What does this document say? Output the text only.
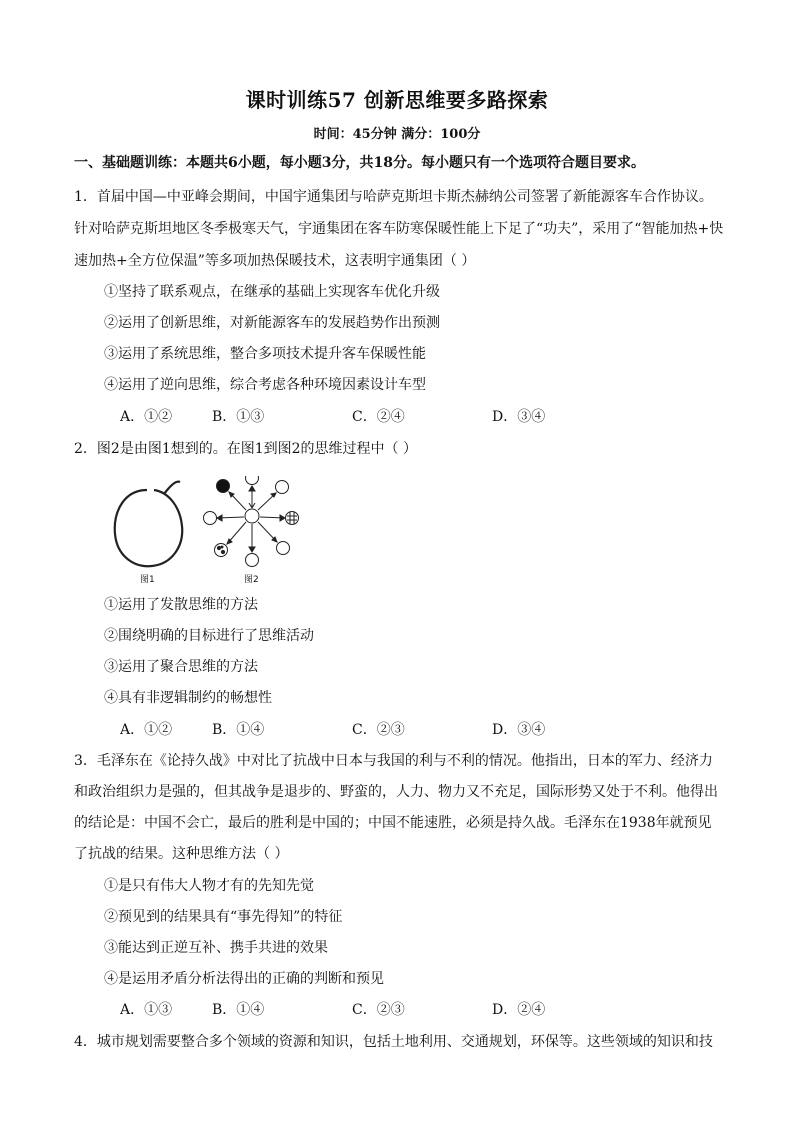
课时训练57 创新思维要多路探索
时间：45分钟 满分：100分
一、基础题训练：本题共6小题，每小题3分，共18分。每小题只有一个选项符合题目要求。
1．首届中国—中亚峰会期间，中国宇通集团与哈萨克斯坦卡斯杰赫纳公司签署了新能源客车合作协议。
针对哈萨克斯坦地区冬季极寒天气，宇通集团在客车防寒保暖性能上下足了“功夫”，采用了“智能加热+快
速加热+全方位保温”等多项加热保暖技术，这表明宇通集团（ ）
①坚持了联系观点，在继承的基础上实现客车优化升级
②运用了创新思维，对新能源客车的发展趋势作出预测
③运用了系统思维，整合多项技术提升客车保暖性能
④运用了逆向思维，综合考虑各种环境因素设计车型
A．①②	B．①③	C．②④	D．③④
2．图2是由图1想到的。在图1到图2的思维过程中（ ）
图1	图2
①运用了发散思维的方法
②围绕明确的目标进行了思维活动
③运用了聚合思维的方法
④具有非逻辑制约的畅想性
A．①②	B．①④	C．②③	D．③④
3．毛泽东在《论持久战》中对比了抗战中日本与我国的利与不利的情况。他指出，日本的军力、经济力
和政治组织力是强的，但其战争是退步的、野蛮的，人力、物力又不充足，国际形势又处于不利。他得出
的结论是：中国不会亡，最后的胜利是中国的；中国不能速胜，必须是持久战。毛泽东在1938年就预见
了抗战的结果。这种思维方法（ ）
①是只有伟大人物才有的先知先觉
②预见到的结果具有“事先得知”的特征
③能达到正逆互补、携手共进的效果
④是运用矛盾分析法得出的正确的判断和预见
A．①③	B．①④	C．②③	D．②④
4．城市规划需要整合多个领域的资源和知识，包括土地利用、交通规划，环保等。这些领域的知识和技
